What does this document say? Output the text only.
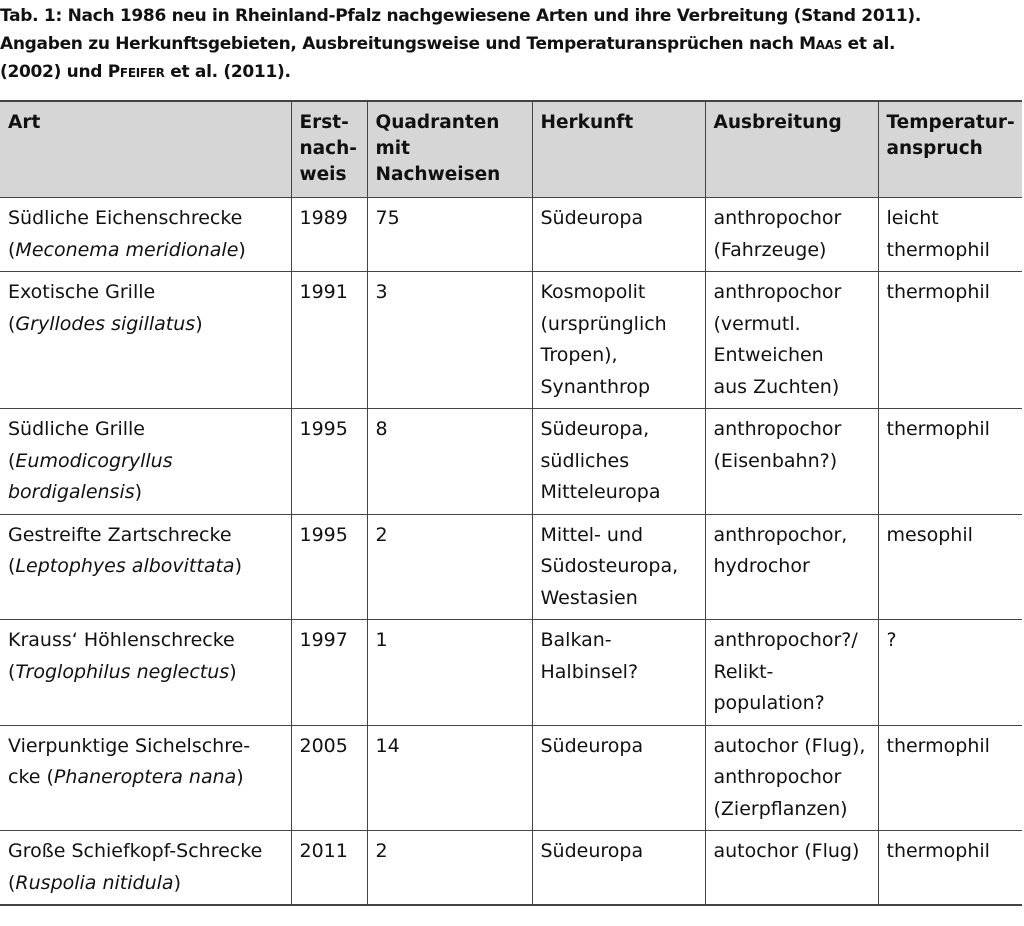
Tab. 1: Nach 1986 neu in Rheinland-Pfalz nachgewiesene Arten und ihre Verbreitung (Stand 2011).
Angaben zu Herkunftsgebieten, Ausbreitungsweise und Temperaturansprüchen nach Maas et al.
(2002) und Pfeifer et al. (2011).
Art	Erst-
nach-
weis	Quadranten
mit
Nachweisen	Herkunft	Ausbreitung	Temperatur-
anspruch

Südliche Eichenschrecke
(Meconema meridionale)	1989	75	Südeuropa	anthropochor
(Fahrzeuge)	leicht
thermophil

Exotische Grille
(Gryllodes sigillatus)	1991	3	Kosmopolit
(ursprünglich
Tropen),
Synanthrop	anthropochor
(vermutl.
Entweichen
aus Zuchten)	thermophil

Südliche Grille
(Eumodicogryllus
bordigalensis)	1995	8	Südeuropa,
südliches
Mitteleuropa	anthropochor
(Eisenbahn?)	thermophil

Gestreifte Zartschrecke
(Leptophyes albovittata)	1995	2	Mittel- und
Südosteuropa,
Westasien	anthropochor,
hydrochor	mesophil

Krauss‘ Höhlenschrecke
(Troglophilus neglectus)	1997	1	Balkan-
Halbinsel?	anthropochor?/
Relikt-
population?	?

Vierpunktige Sichelschre-
cke (Phaneroptera nana)	2005	14	Südeuropa	autochor (Flug),
anthropochor
(Zierpflanzen)	thermophil

Große Schiefkopf-Schrecke
(Ruspolia nitidula)	2011	2	Südeuropa	autochor (Flug)	thermophil
